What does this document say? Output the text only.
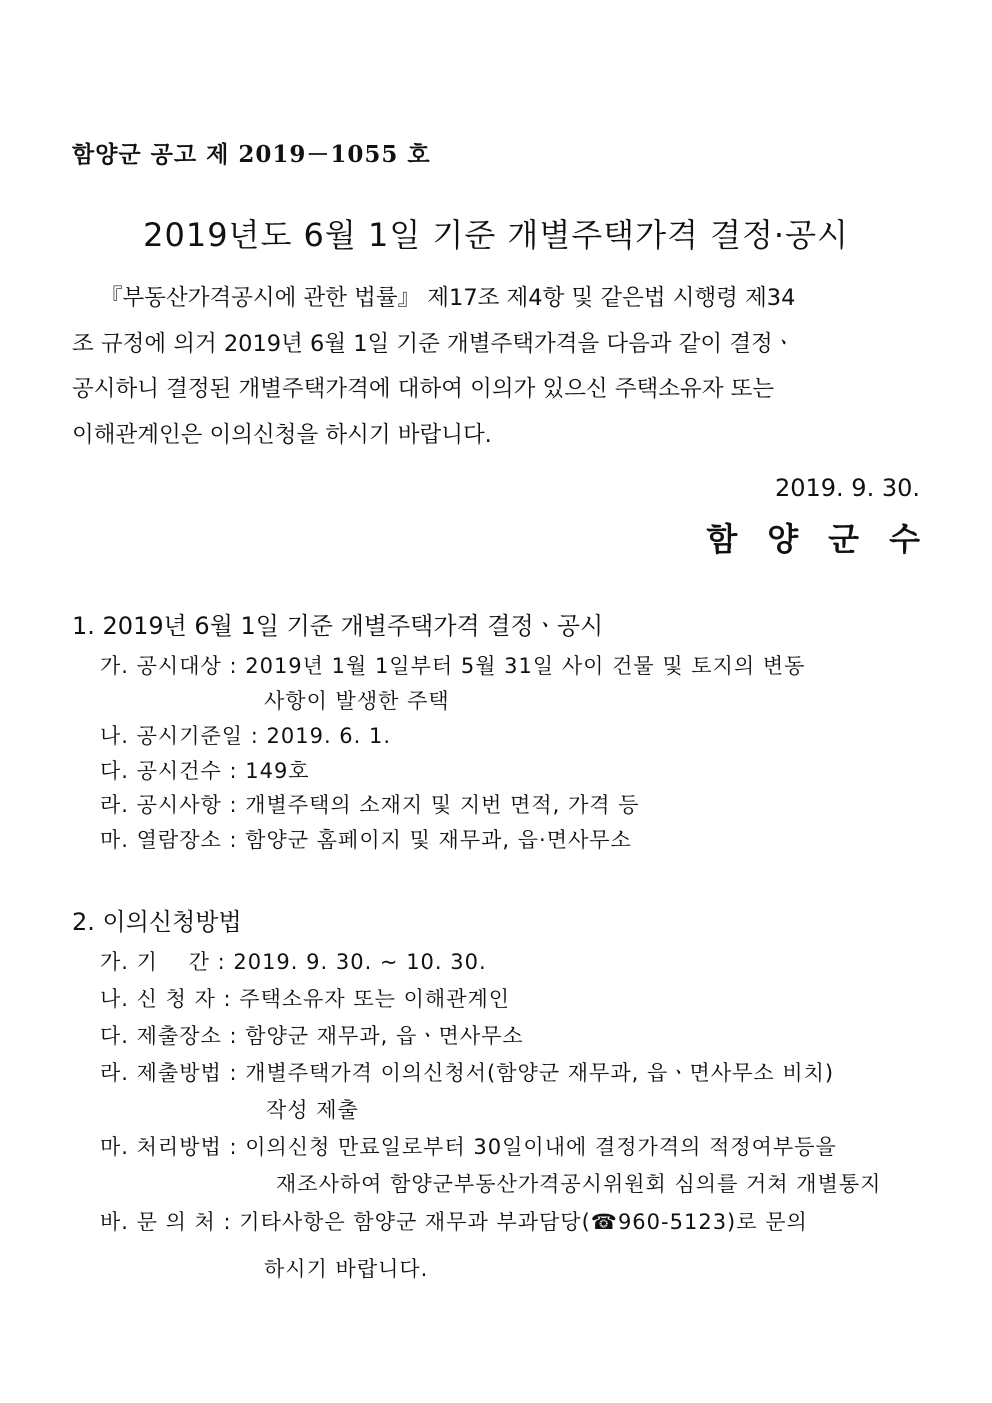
함양군 공고 제 2019－1055 호
2019년도 6월 1일 기준 개별주택가격 결정·공시
『부동산가격공시에 관한 법률』 제17조 제4항 및 같은법 시행령 제34
조 규정에 의거 2019년 6월 1일 기준 개별주택가격을 다음과 같이 결정ㆍ
공시하니 결정된 개별주택가격에 대하여 이의가 있으신 주택소유자 또는
이해관계인은 이의신청을 하시기 바랍니다.
2019. 9. 30.
함양군수
1. 2019년 6월 1일 기준 개별주택가격 결정ㆍ공시
가. 공시대상 : 2019년 1월 1일부터 5월 31일 사이 건물 및 토지의 변동
사항이 발생한 주택
나. 공시기준일 : 2019. 6. 1.
다. 공시건수 : 149호
라. 공시사항 : 개별주택의 소재지 및 지번 면적, 가격 등
마. 열람장소 : 함양군 홈페이지 및 재무과, 읍·면사무소
2. 이의신청방법
가. 기    간 : 2019. 9. 30. ~ 10. 30.
나. 신 청 자 : 주택소유자 또는 이해관계인
다. 제출장소 : 함양군 재무과, 읍ㆍ면사무소
라. 제출방법 : 개별주택가격 이의신청서(함양군 재무과, 읍ㆍ면사무소 비치)
작성 제출
마. 처리방법 : 이의신청 만료일로부터 30일이내에 결정가격의 적정여부등을
재조사하여 함양군부동산가격공시위원회 심의를 거쳐 개별통지
바. 문 의 처 : 기타사항은 함양군 재무과 부과담당(☎960-5123)로 문의
하시기 바랍니다.
